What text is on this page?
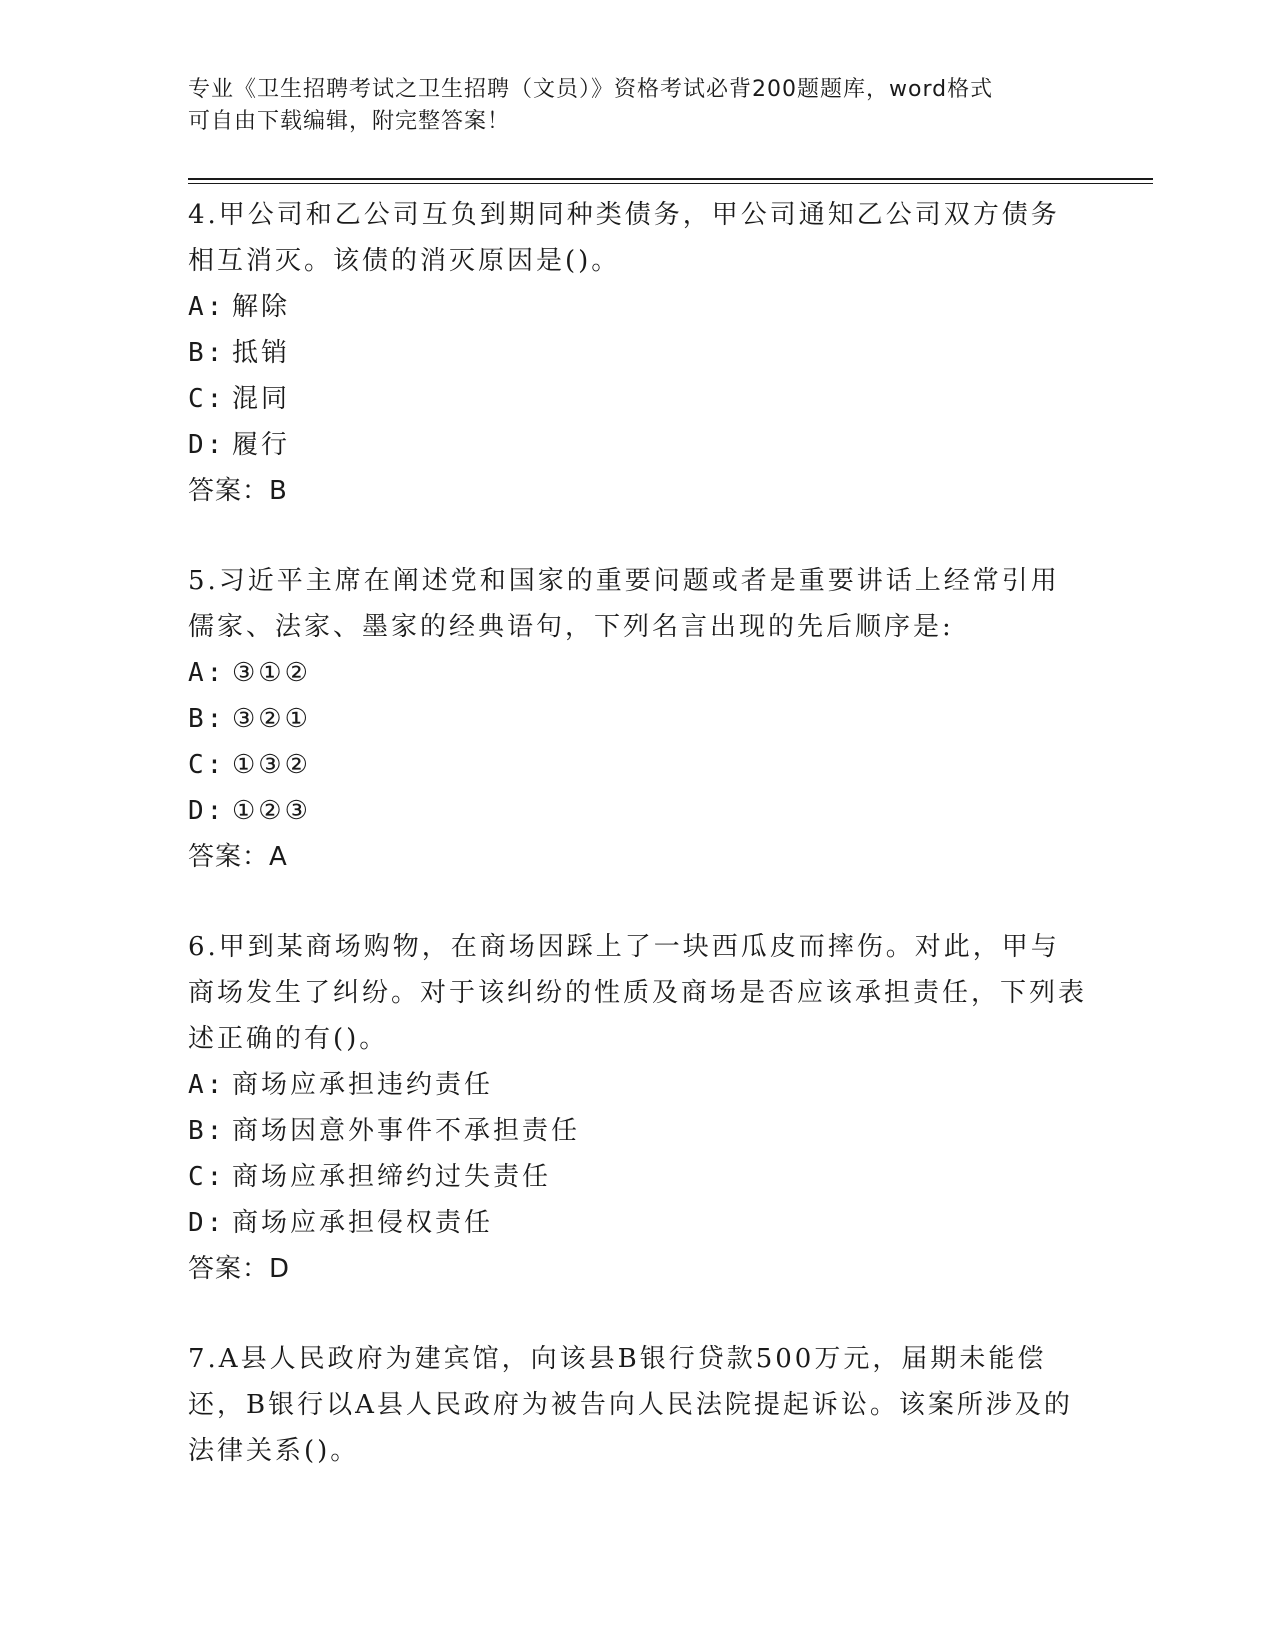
专业《卫生招聘考试之卫生招聘（文员）》资格考试必背200题题库，word格式
可自由下载编辑，附完整答案！

4.甲公司和乙公司互负到期同种类债务，甲公司通知乙公司双方债务相互消灭。该债的消灭原因是()。

A: 解除
B: 抵销
C: 混同
D: 履行
答案：B

5.习近平主席在阐述党和国家的重要问题或者是重要讲话上经常引用儒家、法家、墨家的经典语句，下列名言出现的先后顺序是:

A: ③①②
B: ③②①
C: ①③②
D: ①②③
答案：A

6.甲到某商场购物，在商场因踩上了一块西瓜皮而摔伤。对此，甲与商场发生了纠纷。对于该纠纷的性质及商场是否应该承担责任，下列表述正确的有()。

A: 商场应承担违约责任
B: 商场因意外事件不承担责任
C: 商场应承担缔约过失责任
D: 商场应承担侵权责任
答案：D

7.A县人民政府为建宾馆，向该县B银行贷款500万元，届期未能偿还，B银行以A县人民政府为被告向人民法院提起诉讼。该案所涉及的法律关系()。
